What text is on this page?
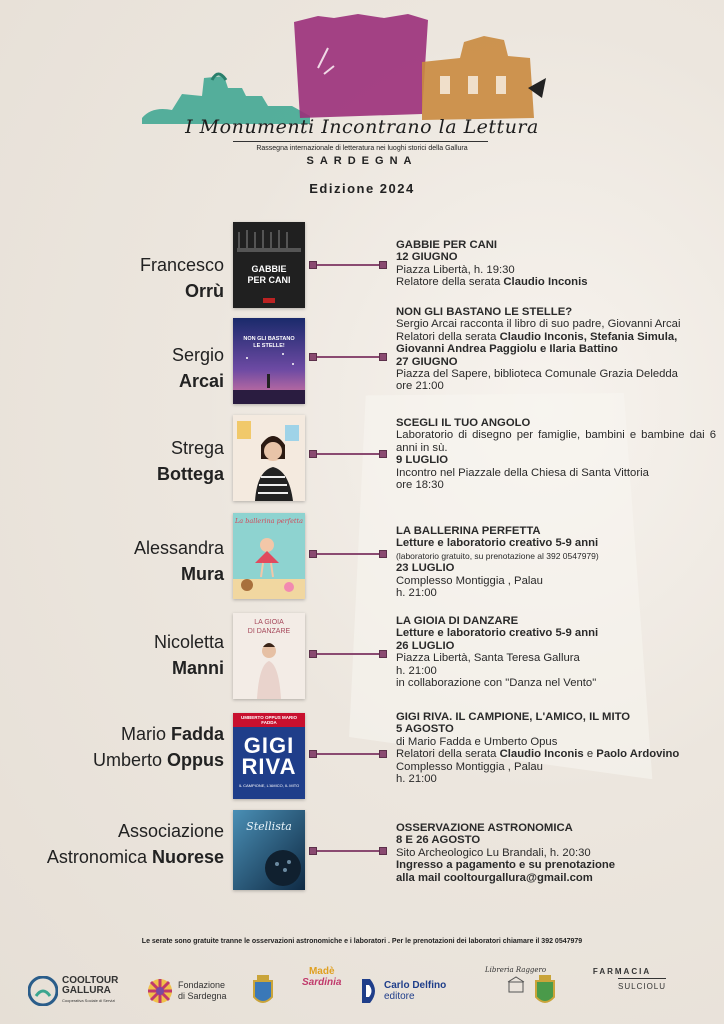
I Monumenti Incontrano la Lettura
Rassegna internazionale di letteratura nei luoghi storici della Gallura
SARDEGNA
Edizione 2024
Francesco
Orrù
GABBIE
PER CANI
GABBIE PER CANI
12 GIUGNO
Piazza Libertà, h. 19:30
Relatore della serata Claudio Inconis
Sergio
Arcai
NON GLI BASTANO
LE STELLE!
NON GLI BASTANO LE STELLE?
Sergio Arcai racconta il libro di suo padre, Giovanni Arcai
Relatori della serata Claudio Inconis, Stefania Simula,
Giovanni Andrea Paggiolu e Ilaria Battino
27 GIUGNO
Piazza del Sapere, biblioteca Comunale Grazia Deledda
ore 21:00
Strega
Bottega
SCEGLI IL TUO ANGOLO
Laboratorio di disegno per famiglie, bambini e bambine dai 6 anni in sù.
9 LUGLIO
Incontro nel Piazzale della Chiesa di Santa Vittoria
ore 18:30
Alessandra
Mura
La ballerina perfetta
LA BALLERINA PERFETTA
Letture e laboratorio creativo 5-9 anni
(laboratorio gratuito, su prenotazione al 392 0547979)
23 LUGLIO
Complesso Montiggia , Palau
h. 21:00
Nicoletta
Manni
LA GIOIA
DI DANZARE
LA GIOIA DI DANZARE
Letture e laboratorio creativo 5-9 anni
26 LUGLIO
Piazza Libertà, Santa Teresa Gallura
h. 21:00
in collaborazione con "Danza nel Vento"
Mario Fadda
Umberto Oppus
UMBERTO OPPUS MARIO FADDA
GIGI RIVA
IL CAMPIONE, L'AMICO, IL MITO
GIGI RIVA. IL CAMPIONE, L'AMICO, IL MITO
5 AGOSTO
di Mario Fadda e Umberto Opus
Relatori della serata Claudio Inconis e Paolo Ardovino
Complesso Montiggia , Palau
h. 21:00
Associazione
Astronomica Nuorese
Stellista	OSSERVAZIONE ASTRONOMICA
8 E 26 AGOSTO
Sito Archeologico Lu Brandali, h. 20:30
Ingresso a pagamento e su prenotazione
alla mail cooltourgallura@gmail.com
Le serate sono gratuite tranne le osservazioni astronomiche e i laboratori . Per le prenotazioni dei laboratori chiamare il 392 0547979
COOLTOUR
GALLURA
Cooperativa Sociale di Servizi
Fondazione
di Sardegna
Madè
Sardinia	Carlo Delfino
editore
Libreria Raggero	FARMACIA
SULCIOLU
